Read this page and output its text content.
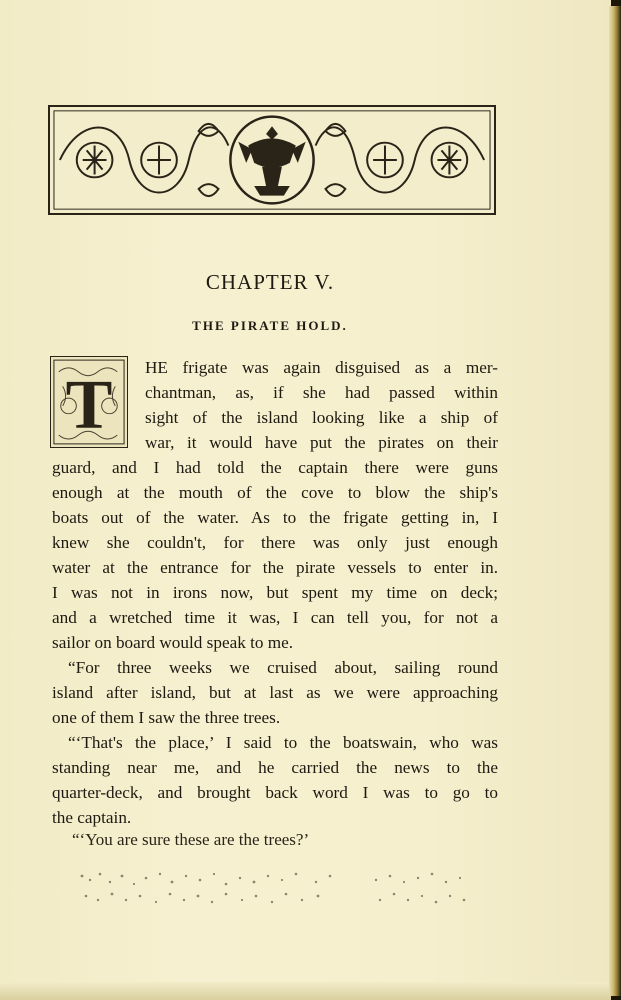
CHAPTER V.
THE PIRATE HOLD.
T HE frigate was again disguised as a mer-
chantman, as, if she had passed within
sight of the island looking like a ship of
war, it would have put the pirates on their
guard, and I had told the captain there were guns
enough at the mouth of the cove to blow the ship's
boats out of the water. As to the frigate getting in, I
knew she couldn't, for there was only just enough
water at the entrance for the pirate vessels to enter in.
I was not in irons now, but spent my time on deck;
and a wretched time it was, I can tell you, for not a
sailor on board would speak to me.
“For three weeks we cruised about, sailing round
island after island, but at last as we were approaching
one of them I saw the three trees.
“‘That's the place,’ I said to the boatswain, who was
standing near me, and he carried the news to the
quarter-deck, and brought back word I was to go to
the captain.
“‘You are sure these are the trees?’
